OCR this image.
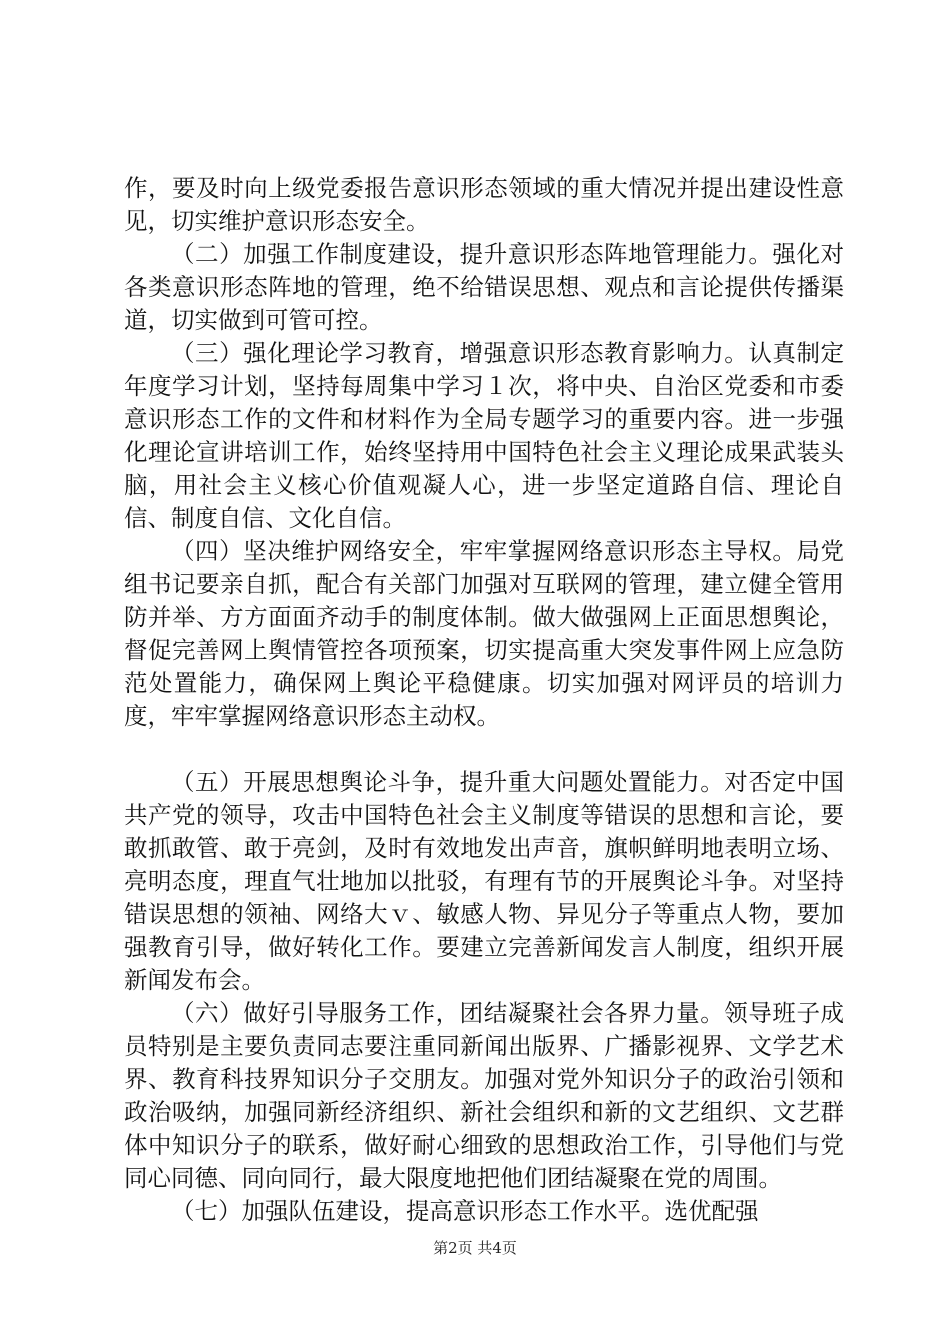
作，要及时向上级党委报告意识形态领域的重大情况并提出建设性意见，切实维护意识形态安全。

（二）加强工作制度建设，提升意识形态阵地管理能力。强化对各类意识形态阵地的管理，绝不给错误思想、观点和言论提供传播渠道，切实做到可管可控。

（三）强化理论学习教育，增强意识形态教育影响力。认真制定年度学习计划，坚持每周集中学习１次，将中央、自治区党委和市委意识形态工作的文件和材料作为全局专题学习的重要内容。进一步强化理论宣讲培训工作，始终坚持用中国特色社会主义理论成果武装头脑，用社会主义核心价值观凝人心，进一步坚定道路自信、理论自信、制度自信、文化自信。

（四）坚决维护网络安全，牢牢掌握网络意识形态主导权。局党组书记要亲自抓，配合有关部门加强对互联网的管理，建立健全管用防并举、方方面面齐动手的制度体制。做大做强网上正面思想舆论，督促完善网上舆情管控各项预案，切实提高重大突发事件网上应急防范处置能力，确保网上舆论平稳健康。切实加强对网评员的培训力度，牢牢掌握网络意识形态主动权。

（五）开展思想舆论斗争，提升重大问题处置能力。对否定中国共产党的领导，攻击中国特色社会主义制度等错误的思想和言论，要敢抓敢管、敢于亮剑，及时有效地发出声音，旗帜鲜明地表明立场、亮明态度，理直气壮地加以批驳，有理有节的开展舆论斗争。对坚持错误思想的领袖、网络大ｖ、敏感人物、异见分子等重点人物，要加强教育引导，做好转化工作。要建立完善新闻发言人制度，组织开展新闻发布会。

（六）做好引导服务工作，团结凝聚社会各界力量。领导班子成员特别是主要负责同志要注重同新闻出版界、广播影视界、文学艺术界、教育科技界知识分子交朋友。加强对党外知识分子的政治引领和政治吸纳，加强同新经济组织、新社会组织和新的文艺组织、文艺群体中知识分子的联系，做好耐心细致的思想政治工作，引导他们与党同心同德、同向同行，最大限度地把他们团结凝聚在党的周围。

（七）加强队伍建设，提高意识形态工作水平。选优配强

第2页 共4页
